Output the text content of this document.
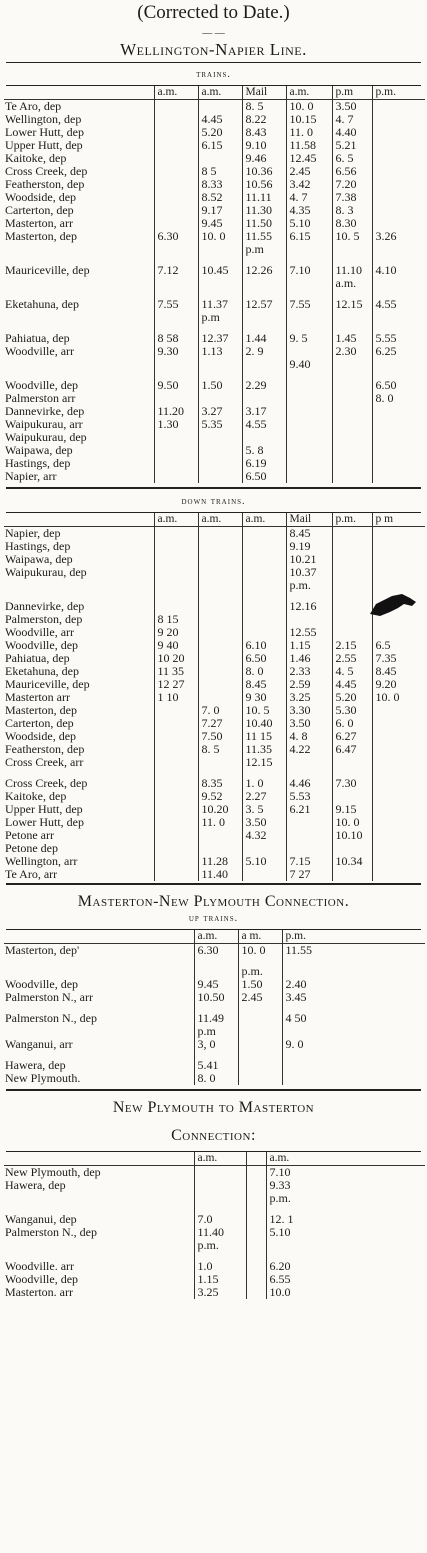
(Corrected to Date.)
— —
Wellington-Napier Line.
trains.
	a.m.	a.m.	Mail	a.m.	p.m	p.m.
Te Aro, dep			8. 5	10. 0	3.50	
Wellington, dep		4.45	8.22	10.15	4. 7	
Lower Hutt, dep		5.20	8.43	11. 0	4.40	
Upper Hutt, dep		6.15	9.10	11.58	5.21	
Kaitoke, dep			9.46	12.45	6. 5	
Cross Creek, dep		8 5	10.36	2.45	6.56	
Featherston, dep		8.33	10.56	3.42	7.20	
Woodside, dep		8.52	11.11	4. 7	7.38	
Carterton, dep		9.17	11.30	4.35	8. 3	
Masterton, arr		9.45	11.50	5.10	8.30	
Masterton, dep	6.30	10. 0	11.55	6.15	10. 5	3.26
			p.m			

Mauriceville, dep	7.12	10.45	12.26	7.10	11.10	4.10
					a.m.	

Eketahuna, dep	7.55	11.37	12.57	7.55	12.15	4.55
		p.m				

Pahiatua, dep	8 58	12.37	1.44	9. 5	1.45	5.55
Woodville, arr	9.30	1.13	2. 9		2.30	6.25
				9.40		

Woodville, dep	9.50	1.50	2.29			6.50
Palmerston arr						8. 0
Dannevirke, dep	11.20	3.27	3.17			
Waipukurau, arr	1.30	5.35	4.55			
Waipukurau, dep						
Waipawa, dep			5. 8			
Hastings, dep			6.19			
Napier, arr			6.50			
down trains.
	a.m.	a.m.	a.m.	Mail	p.m.	p m
Napier, dep				8.45		
Hastings, dep				9.19		
Waipawa, dep				10.21		
Waipukurau, dep				10.37		
				p.m.		

Dannevirke, dep				12.16		
Palmerston, dep	8 15					
Woodville, arr	9 20			12.55		
Woodville, dep	9 40		6.10	1.15	2.15	6.5
Pahiatua, dep	10 20		6.50	1.46	2.55	7.35
Eketahuna, dep	11 35		8. 0	2.33	4. 5	8.45
Mauriceville, dep	12 27		8.45	2.59	4.45	9.20
Masterton arr	1 10		9 30	3.25	5.20	10. 0
Masterton, dep		7. 0	10. 5	3.30	5.30	
Carterton, dep		7.27	10.40	3.50	6. 0	
Woodside, dep		7.50	11 15	4. 8	6.27	
Featherston, dep		8. 5	11.35	4.22	6.47	
Cross Creek, arr			12.15			

Cross Creek, dep		8.35	1. 0	4.46	7.30	
Kaitoke, dep		9.52	2.27	5.53		
Upper Hutt, dep		10.20	3. 5	6.21	9.15	
Lower Hutt, dep		11. 0	3.50		10. 0	
Petone arr			4.32		10.10	
Petone dep						
Wellington, arr		11.28	5.10	7.15	10.34	
Te Aro, arr		11.40		7 27		
Masterton-New Plymouth Connection.
up trains.
	a.m.	a m.	p.m.
Masterton, dep'	6.30	10. 0	11.55

		p.m.	
Woodville, dep	9.45	1.50	2.40
Palmerston N., arr	10.50	2.45	3.45

Palmerston N., dep	11.49		4 50
	p.m		
Wanganui, arr	3, 0		9. 0

Hawera, dep	5.41		
New Plymouth.	8. 0		
New Plymouth to Masterton
Connection:
	a.m.		a.m.
New Plymouth, dep			7.10
Hawera, dep			9.33
			p.m.

Wanganui, dep	7.0		12. 1
Palmerston N., dep	11.40		5.10
	p.m.		

Woodville. arr	1.0		6.20
Woodville, dep	1.15		6.55
Masterton. arr	3.25		10.0
